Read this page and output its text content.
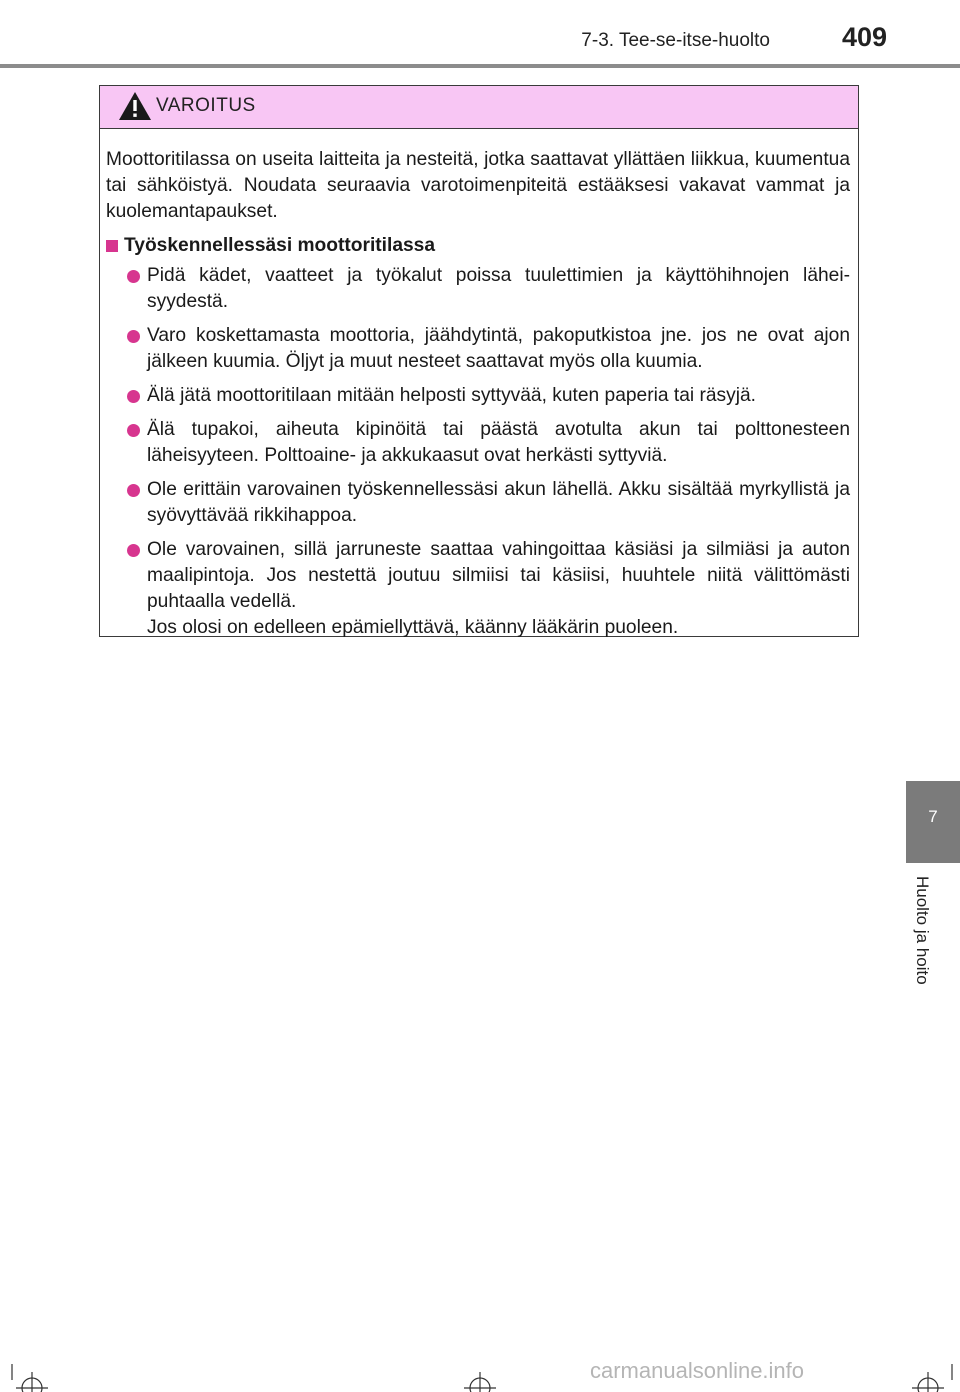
7-3. Tee-se-itse-huolto	409
VAROITUS

Moottoritilassa on useita laitteita ja nesteitä, jotka saattavat yllättäen liikkua, kuumentua tai sähköistyä. Noudata seuraavia varotoimenpiteitä estääksesi vakavat vammat ja kuolemantapaukset.

Työskennellessäsi moottoritilassa
Pidä kädet, vaatteet ja työkalut poissa tuulettimien ja käyttöhihnojen lähei-syydestä.
Varo koskettamasta moottoria, jäähdytintä, pakoputkistoa jne. jos ne ovat ajon jälkeen kuumia. Öljyt ja muut nesteet saattavat myös olla kuumia.
Älä jätä moottoritilaan mitään helposti syttyvää, kuten paperia tai räsyjä.
Älä tupakoi, aiheuta kipinöitä tai päästä avotulta akun tai polttonesteen läheisyyteen. Polttoaine- ja akkukaasut ovat herkästi syttyviä.
Ole erittäin varovainen työskennellessäsi akun lähellä. Akku sisältää myrkyllistä ja syövyttävää rikkihappoa.

Ole varovainen, sillä jarruneste saattaa vahingoittaa käsiäsi ja silmiäsi ja auton maalipintoja. Jos nestettä joutuu silmiisi tai käsiisi, huuhtele niitä välittömästi puhtaalla vedellä.

Jos olosi on edelleen epämiellyttävä, käänny lääkärin puoleen.

7
Huolto ja hoito
carmanualsonline.info
